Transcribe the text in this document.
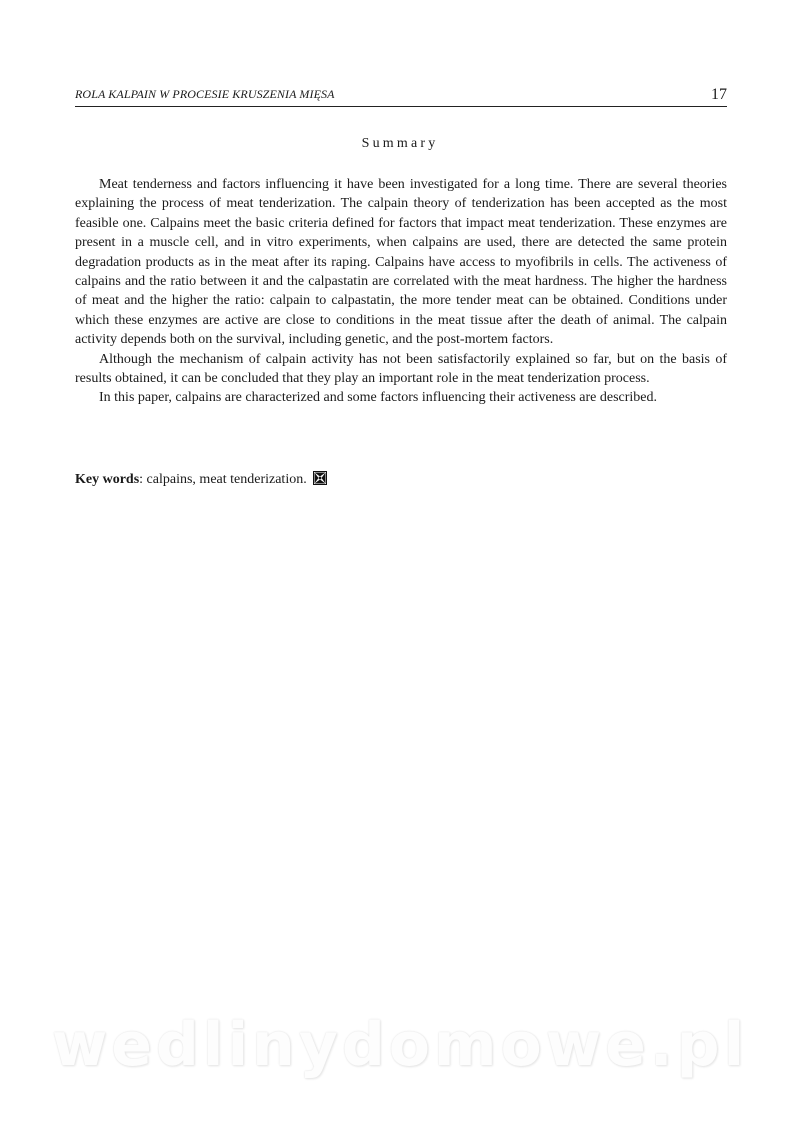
ROLA KALPAIN W PROCESIE KRUSZENIA MIĘSA	17
Summary

Meat tenderness and factors influencing it have been investigated for a long time. There are several theories explaining the process of meat tenderization. The calpain theory of tenderization has been accepted as the most feasible one. Calpains meet the basic criteria defined for factors that impact meat tenderization. These enzymes are present in a muscle cell, and in vitro experiments, when calpains are used, there are detected the same protein degradation products as in the meat after its raping. Calpains have access to myofibrils in cells. The activeness of calpains and the ratio between it and the calpastatin are correlated with the meat hardness. The higher the hardness of meat and the higher the ratio: calpain to calpastatin, the more tender meat can be obtained. Conditions under which these enzymes are active are close to conditions in the meat tissue after the death of animal. The calpain activity depends both on the survival, including genetic, and the post-mortem factors.

Although the mechanism of calpain activity has not been satisfactorily explained so far, but on the basis of results obtained, it can be concluded that they play an important role in the meat tenderization process.

In this paper, calpains are characterized and some factors influencing their activeness are described.

Key words: calpains, meat tenderization.
wedlinydomowe.pl
